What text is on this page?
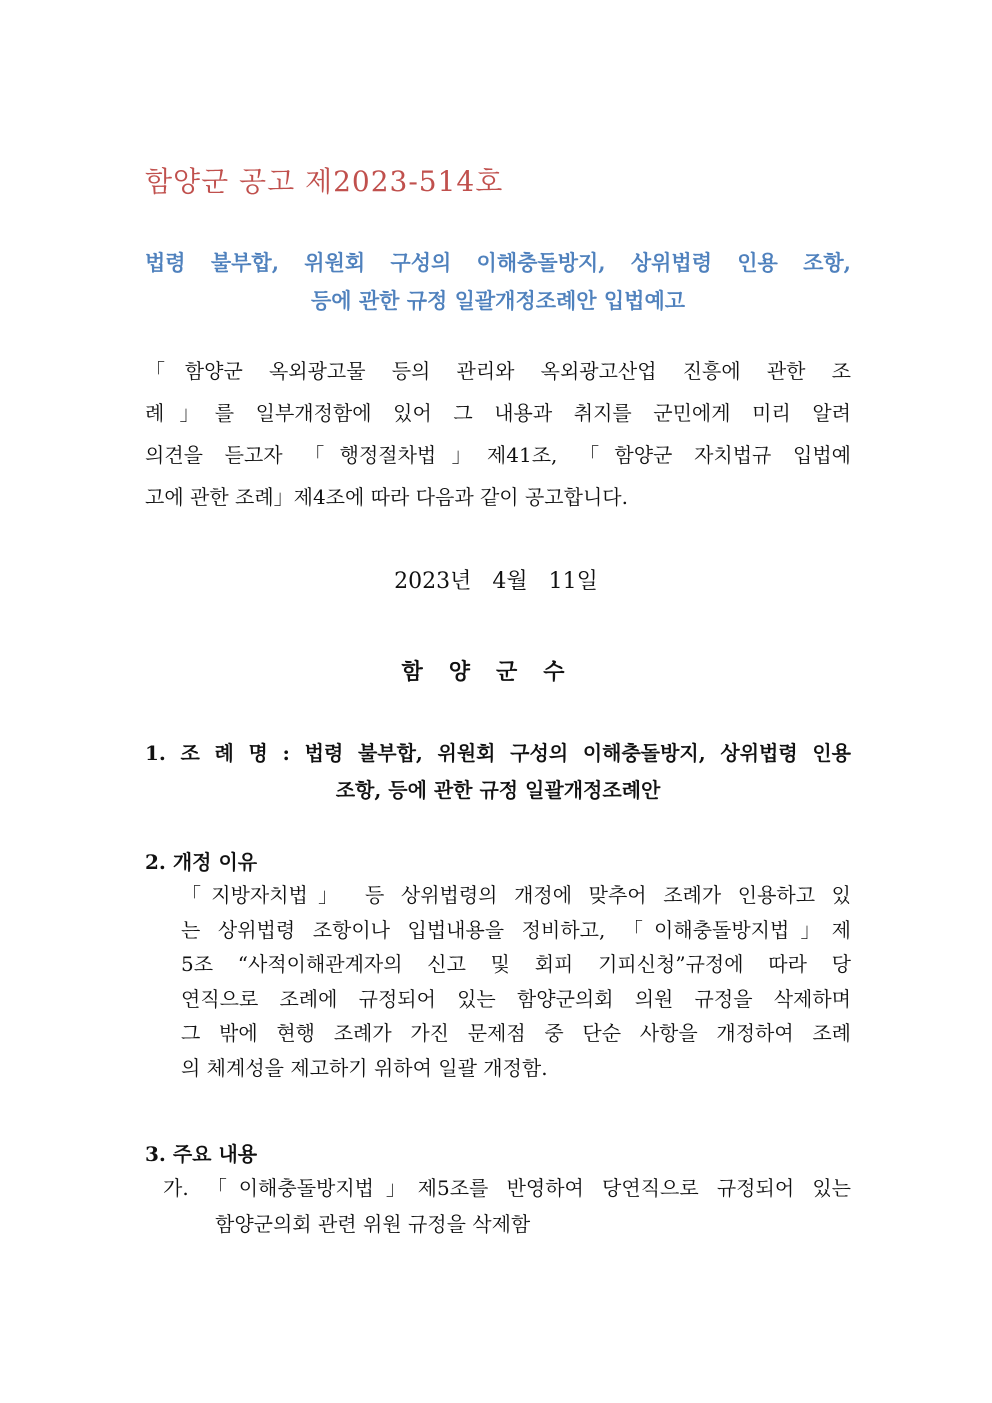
함양군 공고 제2023-514호
법령 불부합, 위원회 구성의 이해충돌방지, 상위법령 인용 조항,
등에 관한 규정 일괄개정조례안 입법예고
「함양군 옥외광고물 등의 관리와 옥외광고산업 진흥에 관한 조
례」를 일부개정함에 있어 그 내용과 취지를 군민에게 미리 알려
의견을 듣고자 「행정절차법」제41조, 「함양군 자치법규 입법예
고에 관한 조례」제4조에 따라 다음과 같이 공고합니다.
2023년 4월 11일
함양군수
1. 조 례 명 : 법령 불부합, 위원회 구성의 이해충돌방지, 상위법령 인용
조항, 등에 관한 규정 일괄개정조례안
2. 개정 이유
「지방자치법」 등 상위법령의 개정에 맞추어 조례가 인용하고 있
는 상위법령 조항이나 입법내용을 정비하고, 「이해충돌방지법」제
5조 “사적이해관계자의 신고 및 회피 기피신청”규정에 따라 당
연직으로 조례에 규정되어 있는 함양군의회 의원 규정을 삭제하며
그 밖에 현행 조례가 가진 문제점 중 단순 사항을 개정하여 조례
의 체계성을 제고하기 위하여 일괄 개정함.
3. 주요 내용
가. 「이해충돌방지법」제5조를 반영하여 당연직으로 규정되어 있는
함양군의회 관련 위원 규정을 삭제함
